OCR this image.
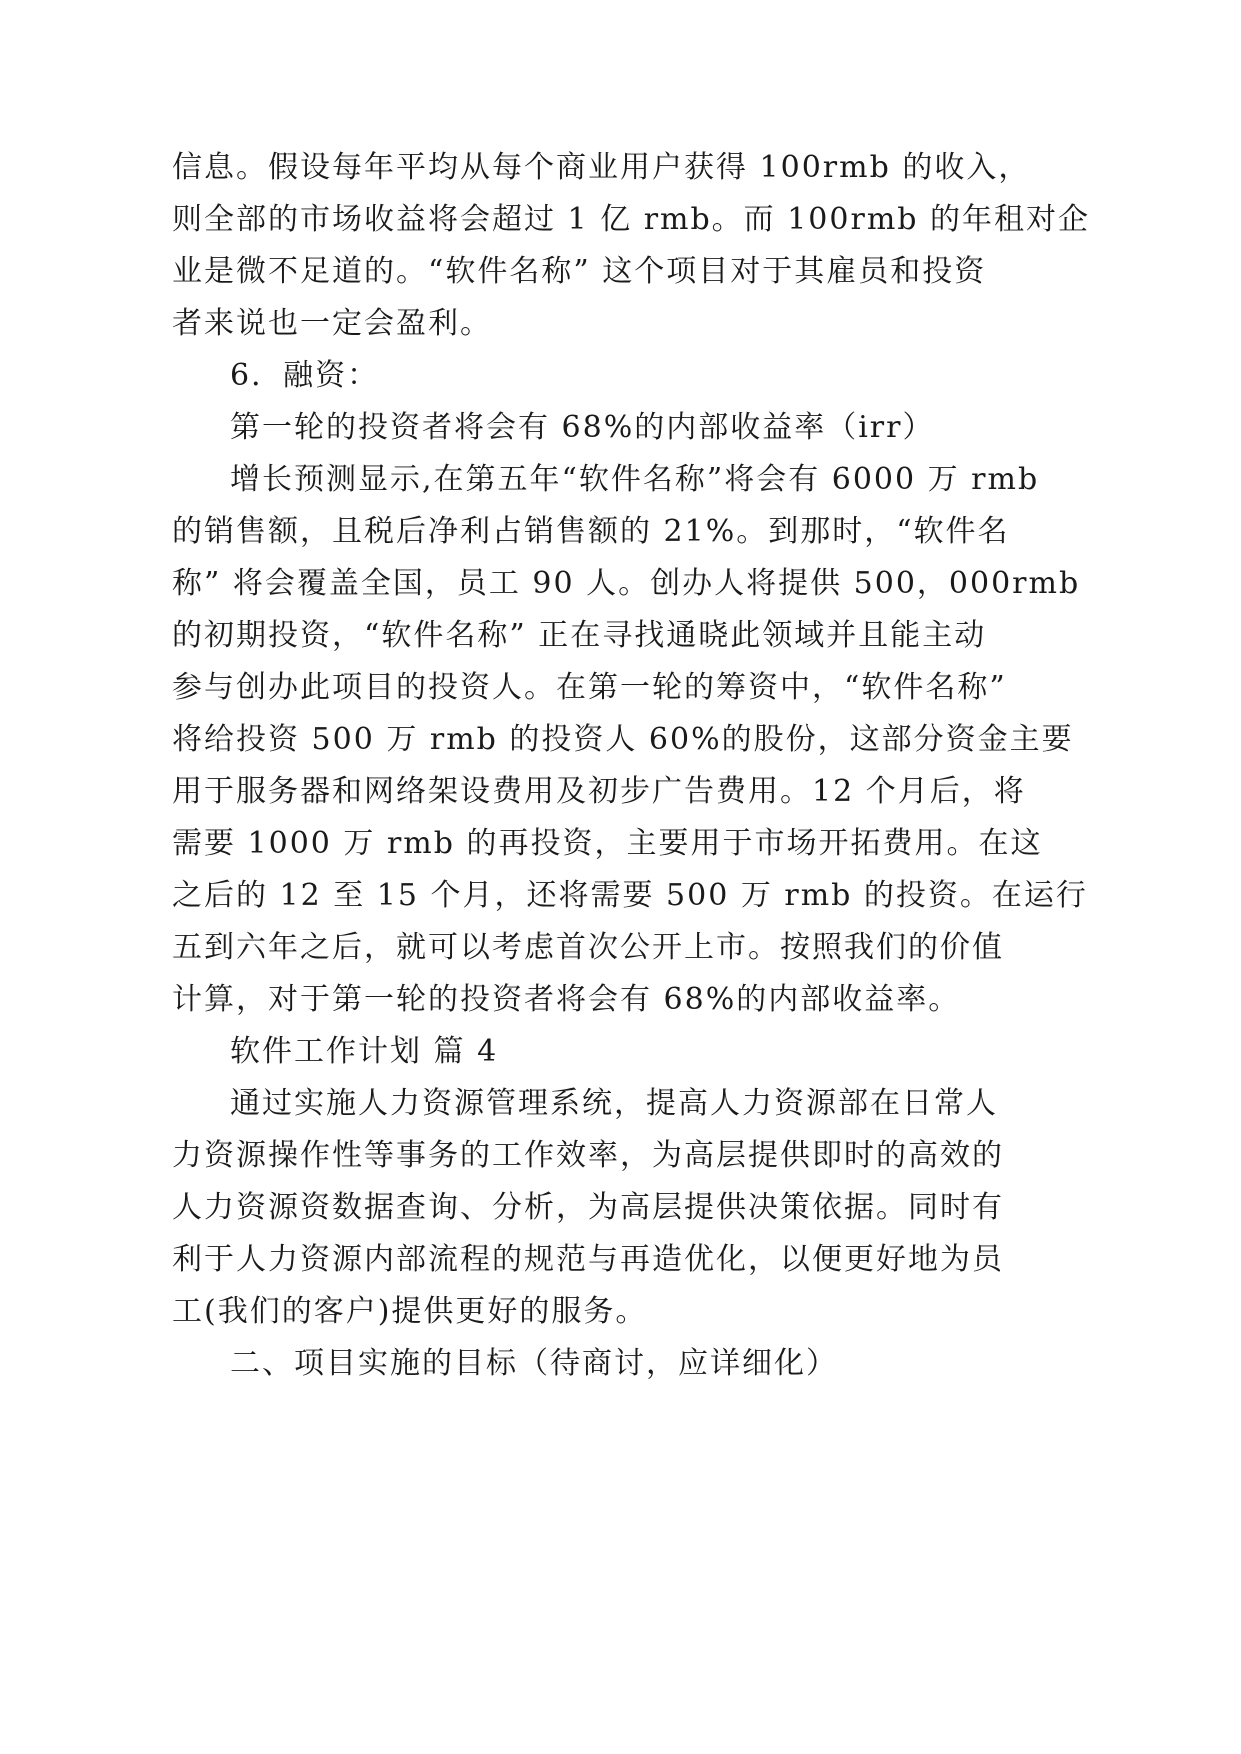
信息。假设每年平均从每个商业用户获得 100rmb 的收入，
则全部的市场收益将会超过 1 亿 rmb。而 100rmb 的年租对企
业是微不足道的。“软件名称” 这个项目对于其雇员和投资
者来说也一定会盈利。
6．融资：
第一轮的投资者将会有 68%的内部收益率（irr）
增长预测显示,在第五年“软件名称”将会有 6000 万 rmb
的销售额，且税后净利占销售额的 21%。到那时，“软件名
称” 将会覆盖全国，员工 90 人。创办人将提供 500，000rmb
的初期投资，“软件名称” 正在寻找通晓此领域并且能主动
参与创办此项目的投资人。在第一轮的筹资中，“软件名称”
将给投资 500 万 rmb 的投资人 60%的股份，这部分资金主要
用于服务器和网络架设费用及初步广告费用。12 个月后，将
需要 1000 万 rmb 的再投资，主要用于市场开拓费用。在这
之后的 12 至 15 个月，还将需要 500 万 rmb 的投资。在运行
五到六年之后，就可以考虑首次公开上市。按照我们的价值
计算，对于第一轮的投资者将会有 68%的内部收益率。
软件工作计划 篇 4
通过实施人力资源管理系统，提高人力资源部在日常人
力资源操作性等事务的工作效率，为高层提供即时的高效的
人力资源资数据查询、分析，为高层提供决策依据。同时有
利于人力资源内部流程的规范与再造优化，以便更好地为员
工(我们的客户)提供更好的服务。
二、项目实施的目标（待商讨，应详细化）
